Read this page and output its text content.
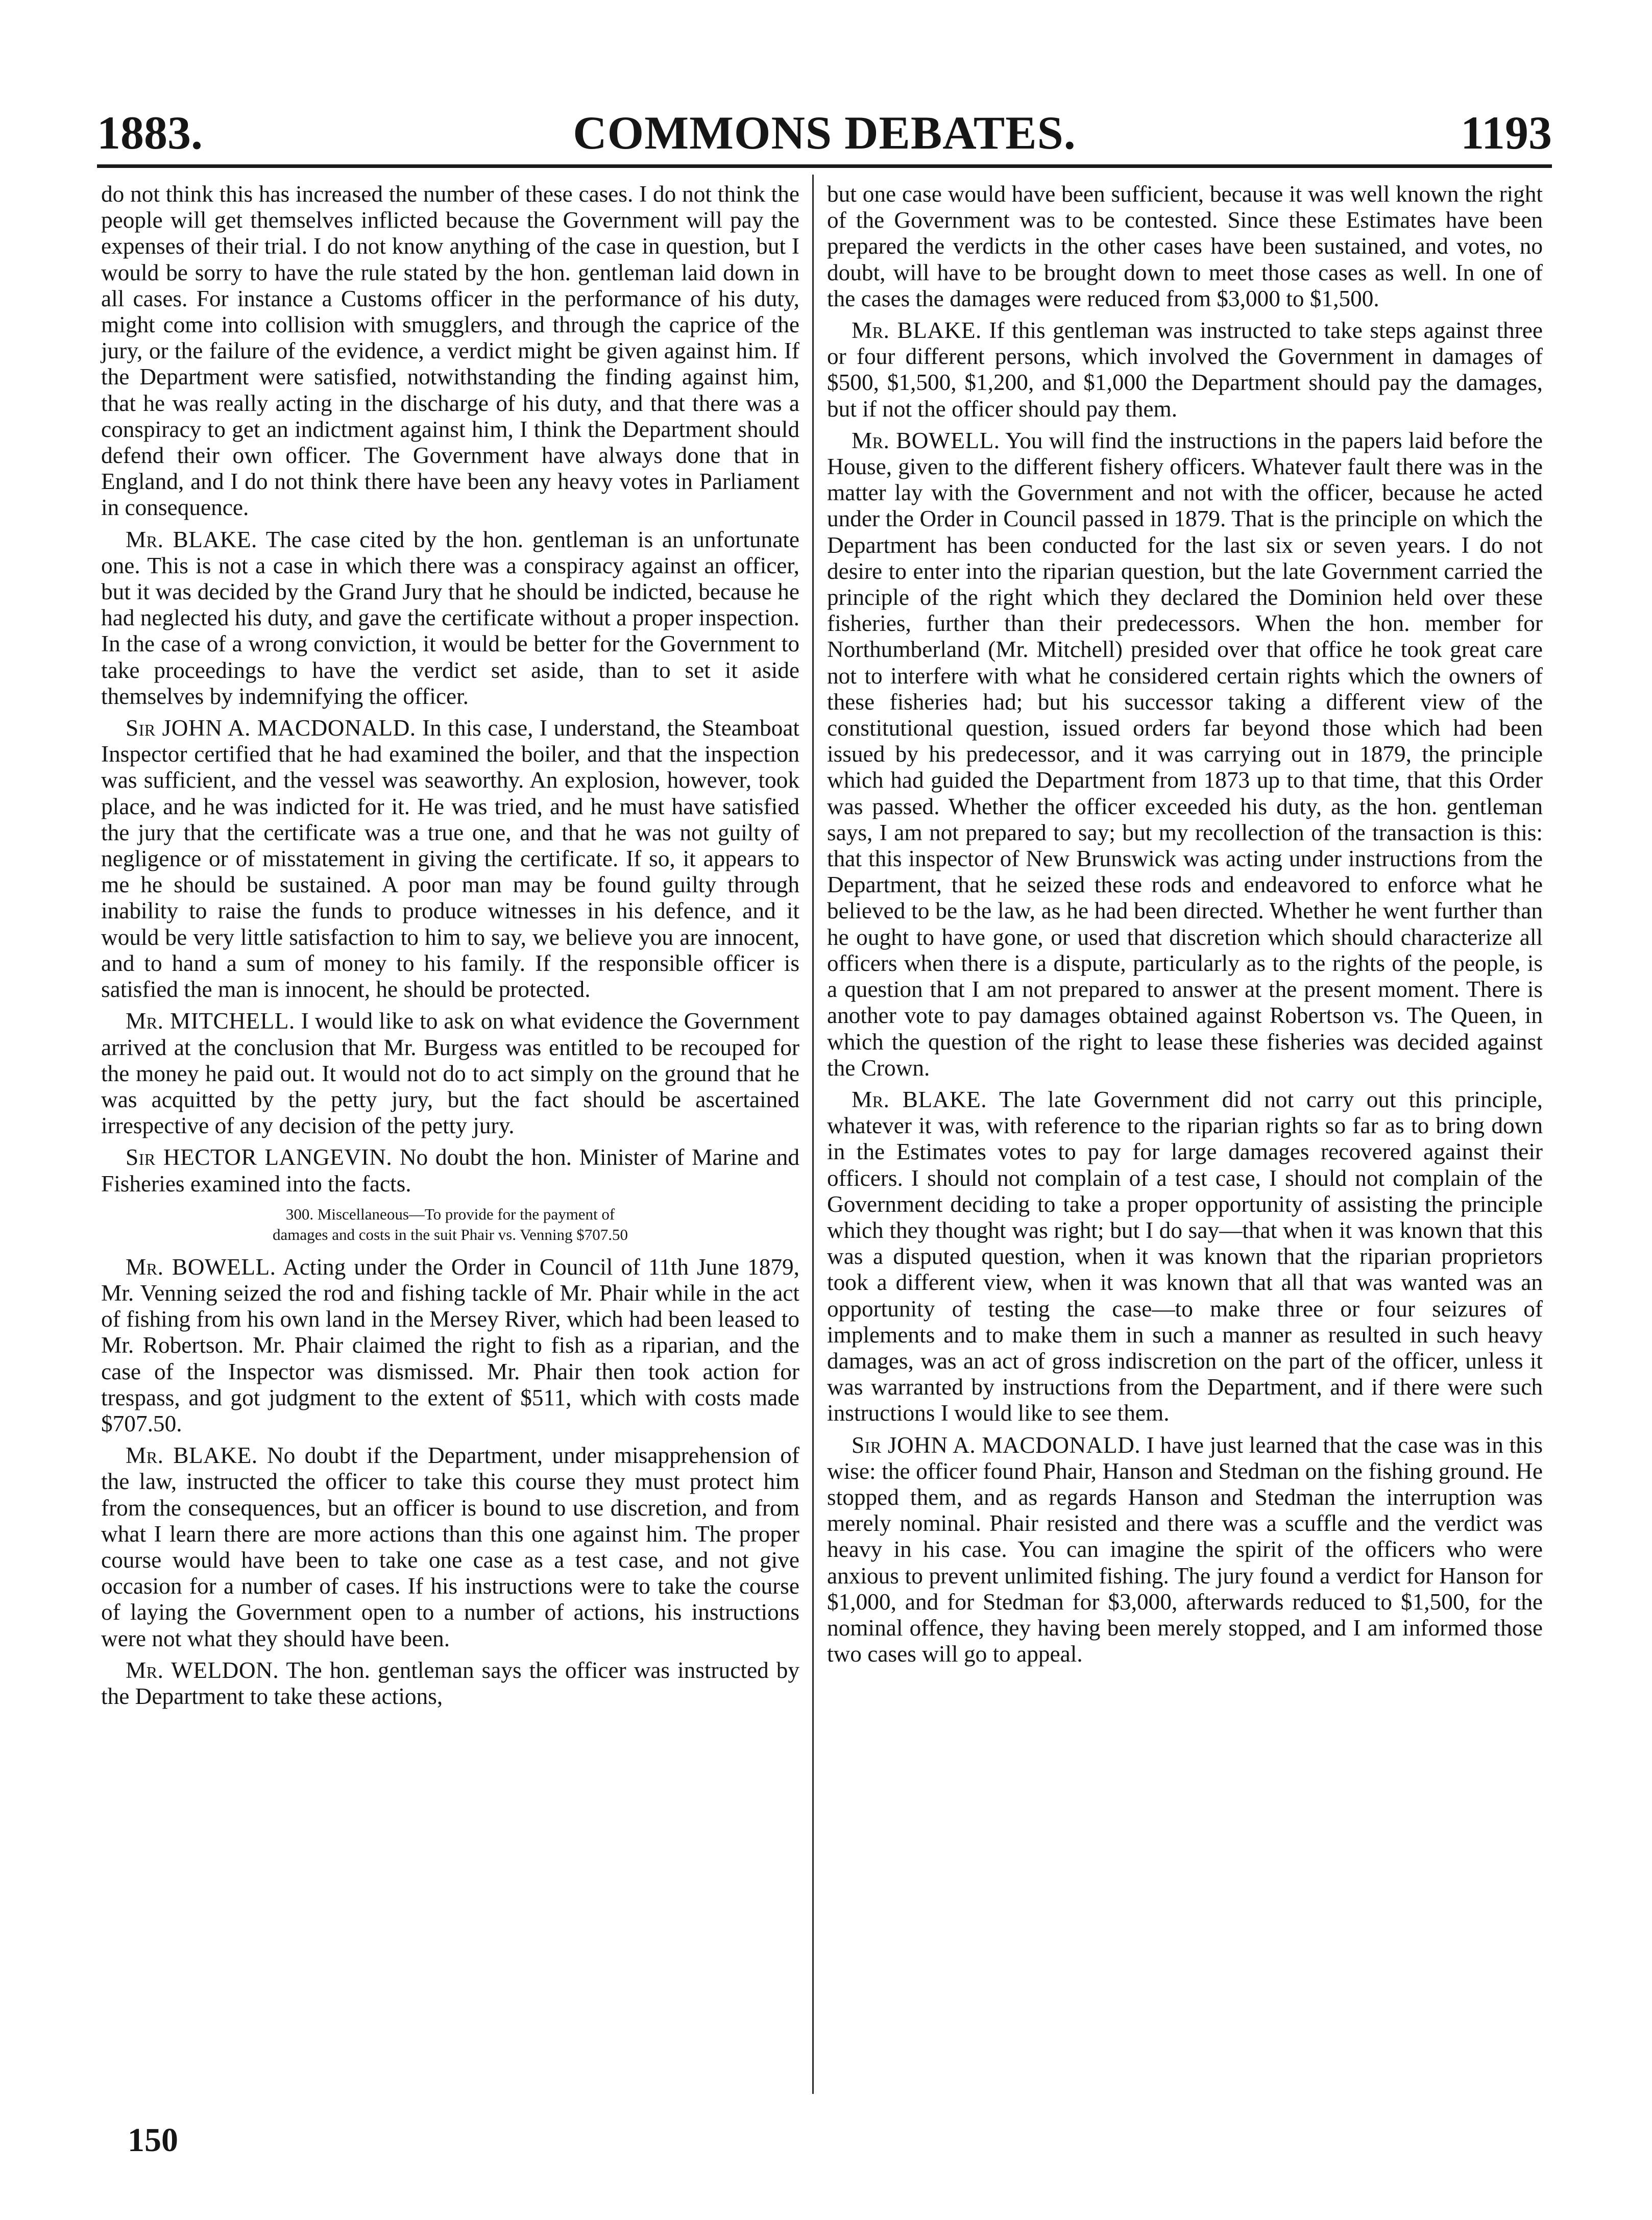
1883.	COMMONS DEBATES.	1193

do not think this has increased the number of these cases. I do not think the people will get themselves inflicted because the Government will pay the expenses of their trial. I do not know anything of the case in question, but I would be sorry to have the rule stated by the hon. gentleman laid down in all cases. For instance a Customs officer in the performance of his duty, might come into collision with smugglers, and through the caprice of the jury, or the failure of the evidence, a verdict might be given against him. If the Department were satisfied, notwithstanding the finding against him, that he was really acting in the discharge of his duty, and that there was a conspiracy to get an indictment against him, I think the Department should defend their own officer. The Government have always done that in England, and I do not think there have been any heavy votes in Parliament in consequence.

Mr. BLAKE. The case cited by the hon. gentleman is an unfortunate one. This is not a case in which there was a conspiracy against an officer, but it was decided by the Grand Jury that he should be indicted, because he had neglected his duty, and gave the certificate without a proper inspection. In the case of a wrong conviction, it would be better for the Government to take proceedings to have the verdict set aside, than to set it aside themselves by indemnifying the officer.

Sir JOHN A. MACDONALD. In this case, I understand, the Steamboat Inspector certified that he had examined the boiler, and that the inspection was sufficient, and the vessel was seaworthy. An explosion, however, took place, and he was indicted for it. He was tried, and he must have satisfied the jury that the certificate was a true one, and that he was not guilty of negligence or of misstatement in giving the certificate. If so, it appears to me he should be sustained. A poor man may be found guilty through inability to raise the funds to produce witnesses in his defence, and it would be very little satisfaction to him to say, we believe you are innocent, and to hand a sum of money to his family. If the responsible officer is satisfied the man is innocent, he should be protected.

Mr. MITCHELL. I would like to ask on what evidence the Government arrived at the conclusion that Mr. Burgess was entitled to be recouped for the money he paid out. It would not do to act simply on the ground that he was acquitted by the petty jury, but the fact should be ascertained irrespective of any decision of the petty jury.

Sir HECTOR LANGEVIN. No doubt the hon. Minister of Marine and Fisheries examined into the facts.

300. Miscellaneous—To provide for the payment of
damages and costs in the suit Phair vs. Venning $707.50

Mr. BOWELL. Acting under the Order in Council of 11th June 1879, Mr. Venning seized the rod and fishing tackle of Mr. Phair while in the act of fishing from his own land in the Mersey River, which had been leased to Mr. Robertson. Mr. Phair claimed the right to fish as a riparian, and the case of the Inspector was dismissed. Mr. Phair then took action for trespass, and got judgment to the extent of $511, which with costs made $707.50.

Mr. BLAKE. No doubt if the Department, under misapprehension of the law, instructed the officer to take this course they must protect him from the consequences, but an officer is bound to use discretion, and from what I learn there are more actions than this one against him. The proper course would have been to take one case as a test case, and not give occasion for a number of cases. If his instructions were to take the course of laying the Government open to a number of actions, his instructions were not what they should have been.

Mr. WELDON. The hon. gentleman says the officer was instructed by the Department to take these actions,

but one case would have been sufficient, because it was well known the right of the Government was to be contested. Since these Estimates have been prepared the verdicts in the other cases have been sustained, and votes, no doubt, will have to be brought down to meet those cases as well. In one of the cases the damages were reduced from $3,000 to $1,500.

Mr. BLAKE. If this gentleman was instructed to take steps against three or four different persons, which involved the Government in damages of $500, $1,500, $1,200, and $1,000 the Department should pay the damages, but if not the officer should pay them.

Mr. BOWELL. You will find the instructions in the papers laid before the House, given to the different fishery officers. Whatever fault there was in the matter lay with the Government and not with the officer, because he acted under the Order in Council passed in 1879. That is the principle on which the Department has been conducted for the last six or seven years. I do not desire to enter into the riparian question, but the late Government carried the principle of the right which they declared the Dominion held over these fisheries, further than their predecessors. When the hon. member for Northumberland (Mr. Mitchell) presided over that office he took great care not to interfere with what he considered certain rights which the owners of these fisheries had; but his successor taking a different view of the constitutional question, issued orders far beyond those which had been issued by his predecessor, and it was carrying out in 1879, the principle which had guided the Department from 1873 up to that time, that this Order was passed. Whether the officer exceeded his duty, as the hon. gentleman says, I am not prepared to say; but my recollection of the transaction is this: that this inspector of New Brunswick was acting under instructions from the Department, that he seized these rods and endeavored to enforce what he believed to be the law, as he had been directed. Whether he went further than he ought to have gone, or used that discretion which should characterize all officers when there is a dispute, particularly as to the rights of the people, is a question that I am not prepared to answer at the present moment. There is another vote to pay damages obtained against Robertson vs. The Queen, in which the question of the right to lease these fisheries was decided against the Crown.

Mr. BLAKE. The late Government did not carry out this principle, whatever it was, with reference to the riparian rights so far as to bring down in the Estimates votes to pay for large damages recovered against their officers. I should not complain of a test case, I should not complain of the Government deciding to take a proper opportunity of assisting the principle which they thought was right; but I do say—that when it was known that this was a disputed question, when it was known that the riparian proprietors took a different view, when it was known that all that was wanted was an opportunity of testing the case—to make three or four seizures of implements and to make them in such a manner as resulted in such heavy damages, was an act of gross indiscretion on the part of the officer, unless it was warranted by instructions from the Department, and if there were such instructions I would like to see them.

Sir JOHN A. MACDONALD. I have just learned that the case was in this wise: the officer found Phair, Hanson and Stedman on the fishing ground. He stopped them, and as regards Hanson and Stedman the interruption was merely nominal. Phair resisted and there was a scuffle and the verdict was heavy in his case. You can imagine the spirit of the officers who were anxious to prevent unlimited fishing. The jury found a verdict for Hanson for $1,000, and for Stedman for $3,000, afterwards reduced to $1,500, for the nominal offence, they having been merely stopped, and I am informed those two cases will go to appeal.

150
